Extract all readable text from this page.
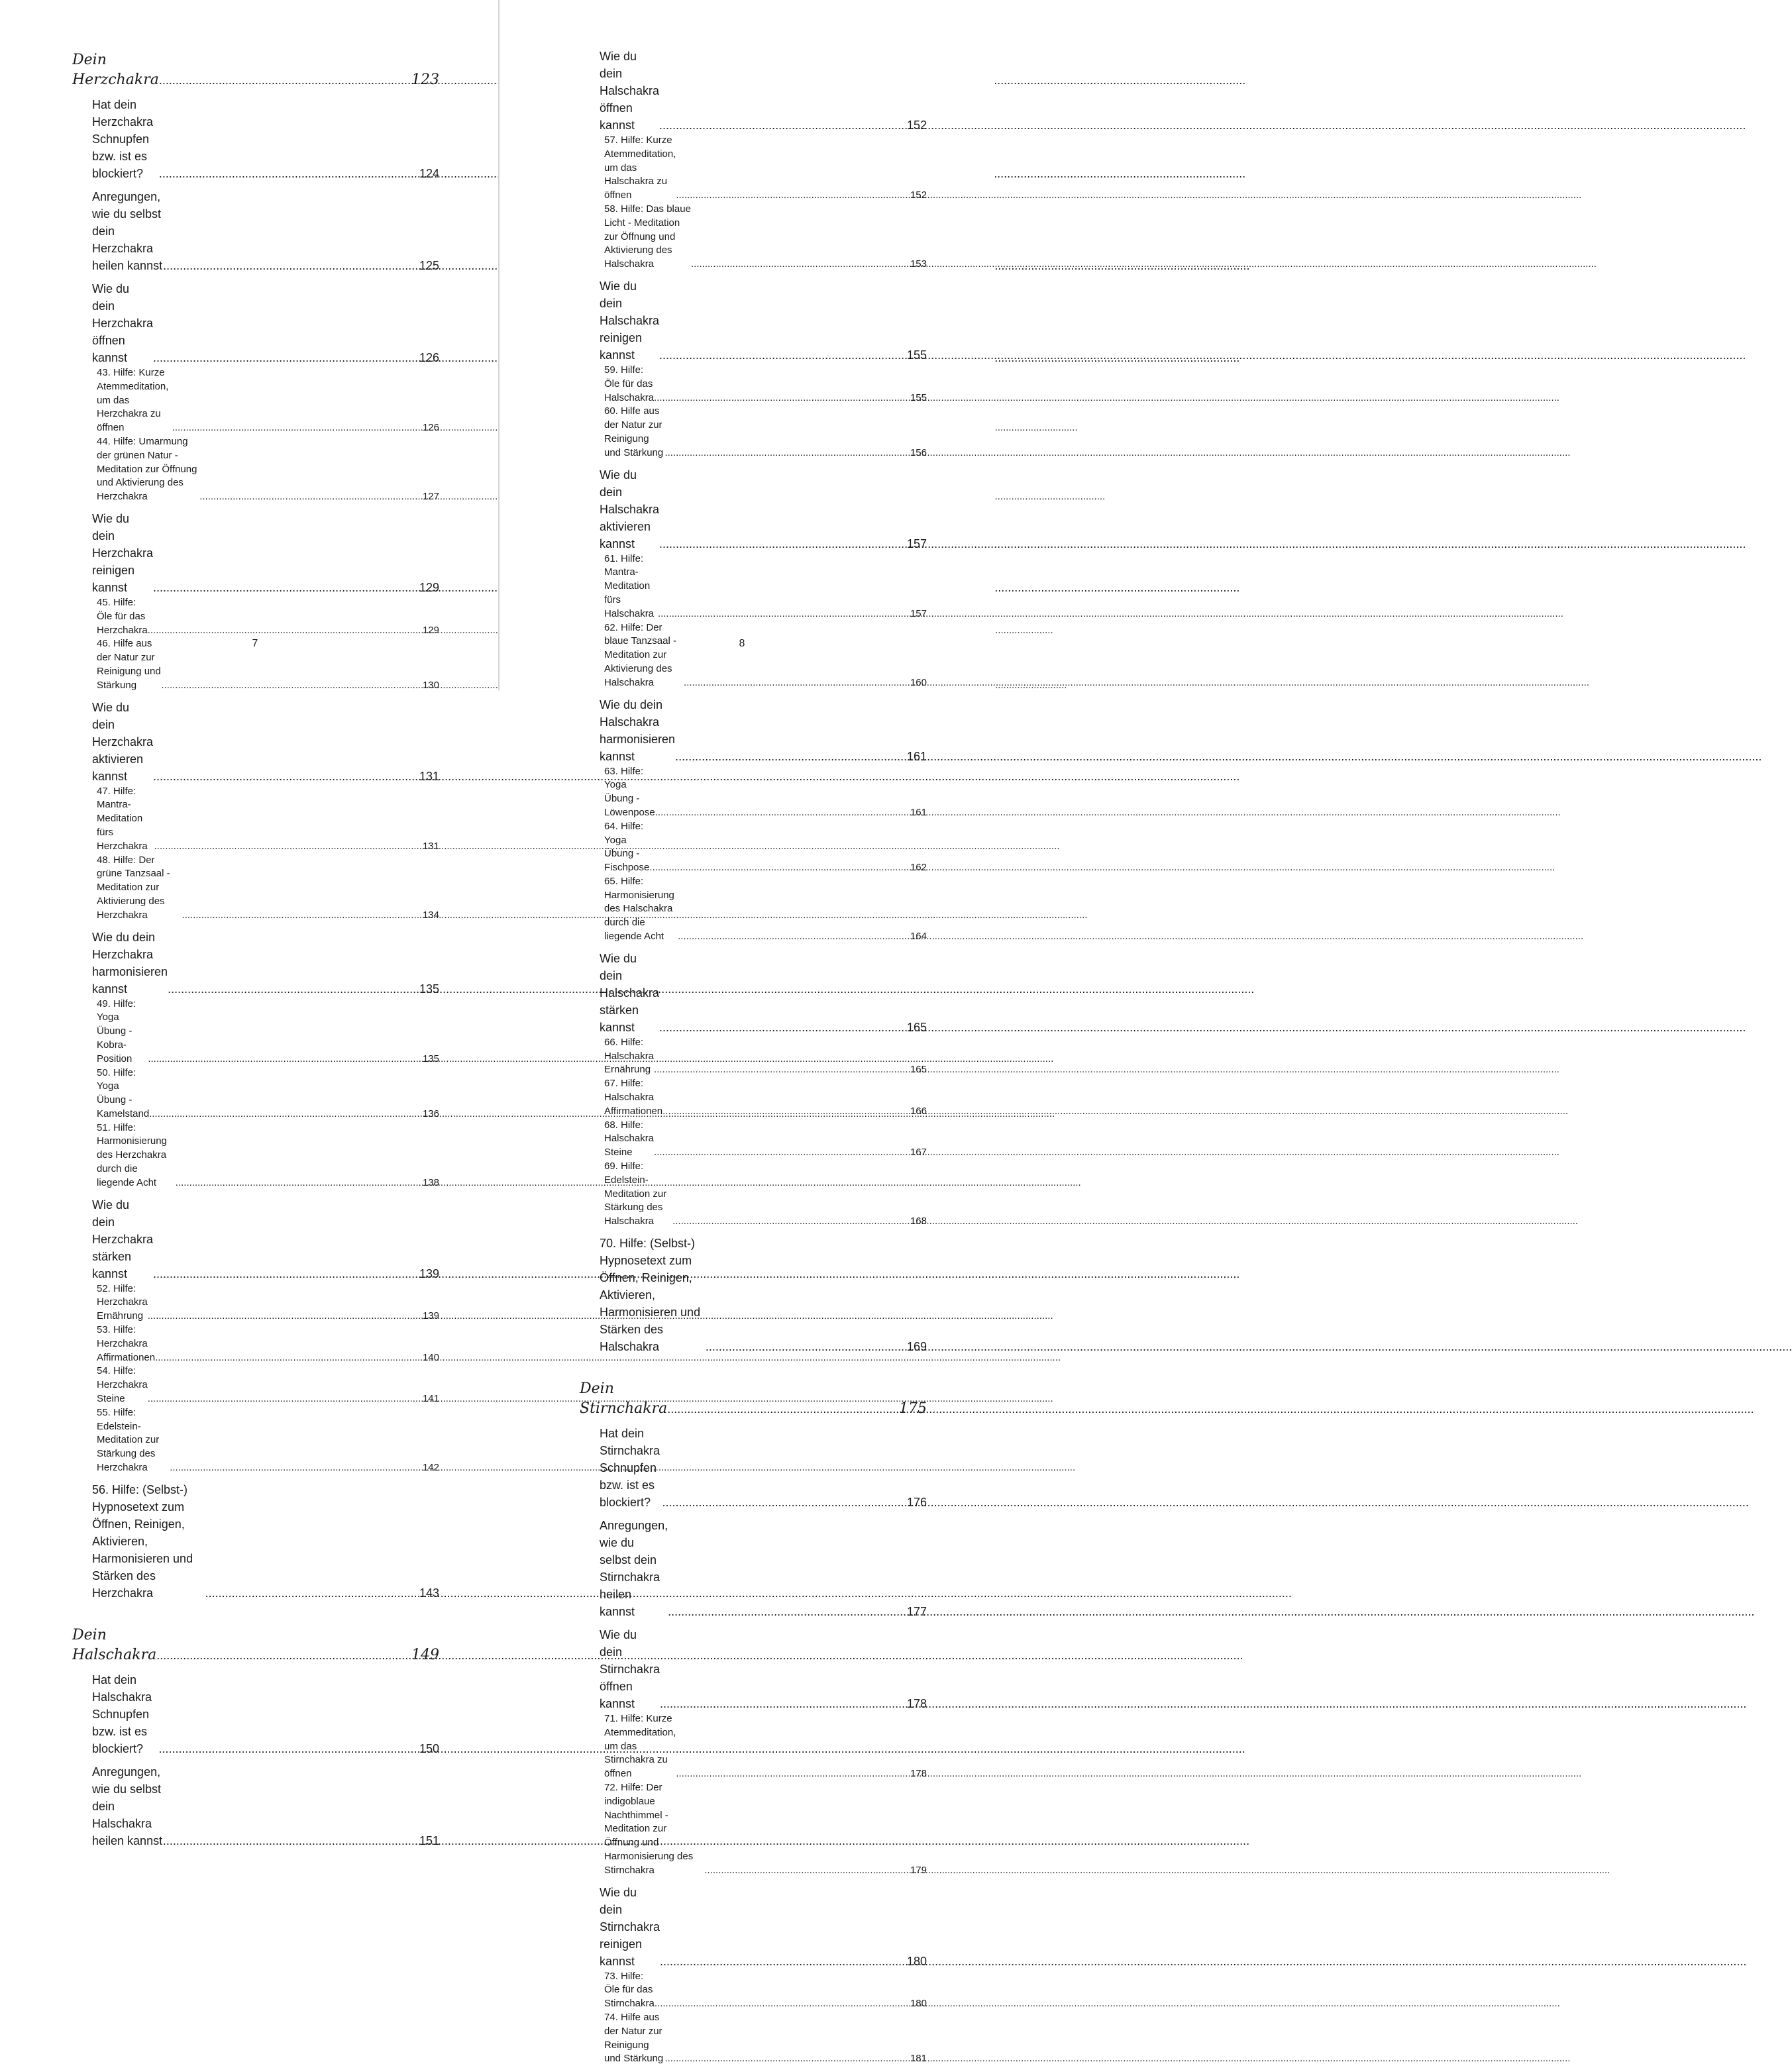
Dein Herzchakra .....	123
Hat dein Herzchakra Schnupfen bzw. ist es blockiert? .....	124
Anregungen, wie du selbst dein Herzchakra heilen kannst .....	125
Wie du dein Herzchakra öffnen kannst .....	126
43. Hilfe: Kurze Atemmeditation, um das Herzchakra zu öffnen .....	126
44. Hilfe: Umarmung der grünen Natur - Meditation zur Öffnung und Aktivierung des Herzchakra .....	127
Wie du dein Herzchakra reinigen kannst .....	129
45. Hilfe: Öle für das Herzchakra .....	129
46. Hilfe aus der Natur zur Reinigung und Stärkung .....	130
Wie du dein Herzchakra aktivieren kannst .....	131
47. Hilfe: Mantra-Meditation fürs Herzchakra .....	131
48. Hilfe: Der grüne Tanzsaal - Meditation zur Aktivierung des Herzchakra .....	134
Wie du dein Herzchakra harmonisieren kannst .....	135
49. Hilfe: Yoga Übung - Kobra-Position .....	135
50. Hilfe: Yoga Übung - Kamelstand .....	136
51. Hilfe: Harmonisierung des Herzchakra durch die liegende Acht .....	138
Wie du dein Herzchakra stärken kannst .....	139
52. Hilfe: Herzchakra Ernährung .....	139
53. Hilfe: Herzchakra Affirmationen .....	140
54. Hilfe: Herzchakra Steine .....	141
55. Hilfe: Edelstein-Meditation zur Stärkung des Herzchakra .....	142
56. Hilfe: (Selbst-) Hypnosetext zum Öffnen, Reinigen, Aktivieren, Harmonisieren und Stärken des Herzchakra .....	143
Dein Halschakra .....	149
Hat dein Halschakra Schnupfen bzw. ist es blockiert? .....	150
Anregungen, wie du selbst dein Halschakra heilen kannst .....	151
7
Wie du dein Halschakra öffnen kannst .....	152
57. Hilfe: Kurze Atemmeditation, um das Halschakra zu öffnen .....	152
58. Hilfe: Das blaue Licht - Meditation zur Öffnung und Aktivierung des Halschakra .....	153
Wie du dein Halschakra reinigen kannst .....	155
59. Hilfe: Öle für das Halschakra .....	155
60. Hilfe aus der Natur zur Reinigung und Stärkung .....	156
Wie du dein Halschakra aktivieren kannst .....	157
61. Hilfe: Mantra-Meditation fürs Halschakra .....	157
62. Hilfe: Der blaue Tanzsaal - Meditation zur Aktivierung des Halschakra .....	160
Wie du dein Halschakra harmonisieren kannst .....	161
63. Hilfe: Yoga Übung - Löwenpose .....	161
64. Hilfe: Yoga Übung - Fischpose .....	162
65. Hilfe: Harmonisierung des Halschakra durch die liegende Acht .....	164
Wie du dein Halschakra stärken kannst .....	165
66. Hilfe: Halschakra Ernährung .....	165
67. Hilfe: Halschakra Affirmationen .....	166
68. Hilfe: Halschakra Steine .....	167
69. Hilfe: Edelstein-Meditation zur Stärkung des Halschakra .....	168
70. Hilfe: (Selbst-) Hypnosetext zum Öffnen, Reinigen, Aktivieren, Harmonisieren und Stärken des Halschakra .....	169
Dein Stirnchakra .....	175
Hat dein Stirnchakra Schnupfen bzw. ist es blockiert? .....	176
Anregungen, wie du selbst dein Stirnchakra heilen kannst .....	177
Wie du dein Stirnchakra öffnen kannst .....	178
71. Hilfe: Kurze Atemmeditation, um das Stirnchakra zu öffnen .....	178
72. Hilfe: Der indigoblaue Nachthimmel - Meditation zur Öffnung und Harmonisierung des Stirnchakra .....	179
Wie du dein Stirnchakra reinigen kannst .....	180
73. Hilfe: Öle für das Stirnchakra .....	180
74. Hilfe aus der Natur zur Reinigung und Stärkung .....	181
8
